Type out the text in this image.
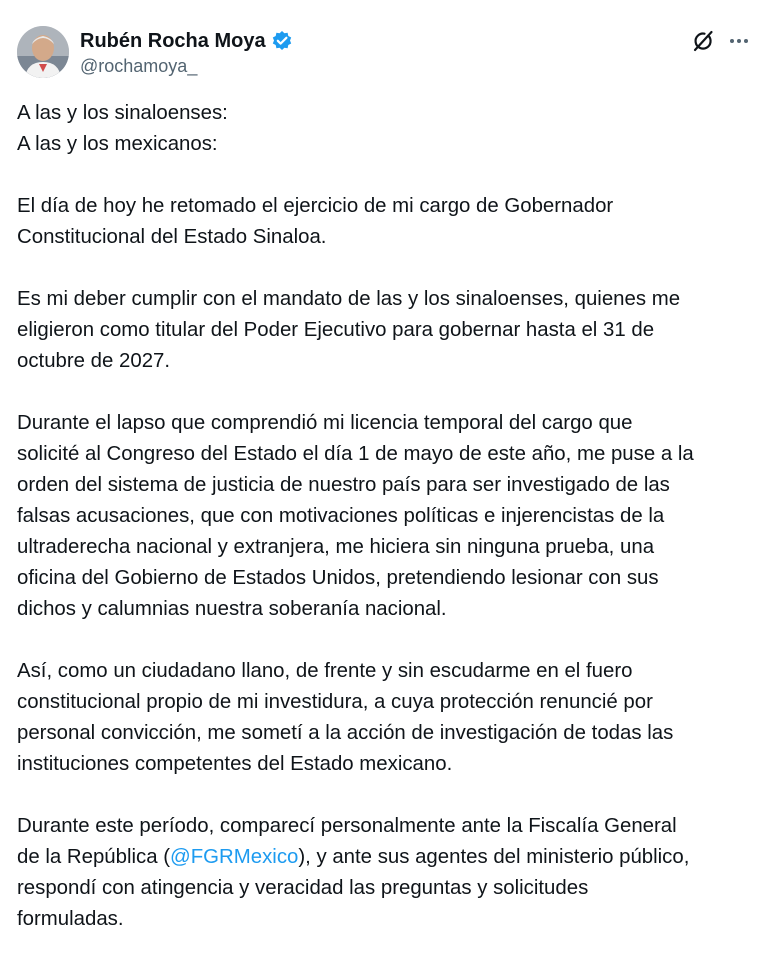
Rubén Rocha Moya
@rochamoya_
A las y los sinaloenses:
A las y los mexicanos:
El día de hoy he retomado el ejercicio de mi cargo de Gobernador
Constitucional del Estado Sinaloa.
Es mi deber cumplir con el mandato de las y los sinaloenses, quienes me
eligieron como titular del Poder Ejecutivo para gobernar hasta el 31 de
octubre de 2027.
Durante el lapso que comprendió mi licencia temporal del cargo que
solicité al Congreso del Estado el día 1 de mayo de este año, me puse a la
orden del sistema de justicia de nuestro país para ser investigado de las
falsas acusaciones, que con motivaciones políticas e injerencistas de la
ultraderecha nacional y extranjera, me hiciera sin ninguna prueba, una
oficina del Gobierno de Estados Unidos, pretendiendo lesionar con sus
dichos y calumnias nuestra soberanía nacional.
Así, como un ciudadano llano, de frente y sin escudarme en el fuero
constitucional propio de mi investidura, a cuya protección renuncié por
personal convicción, me sometí a la acción de investigación de todas las
instituciones competentes del Estado mexicano.
Durante este período, comparecí personalmente ante la Fiscalía General
de la República (@FGRMexico), y ante sus agentes del ministerio público,
respondí con atingencia y veracidad las preguntas y solicitudes
formuladas.
